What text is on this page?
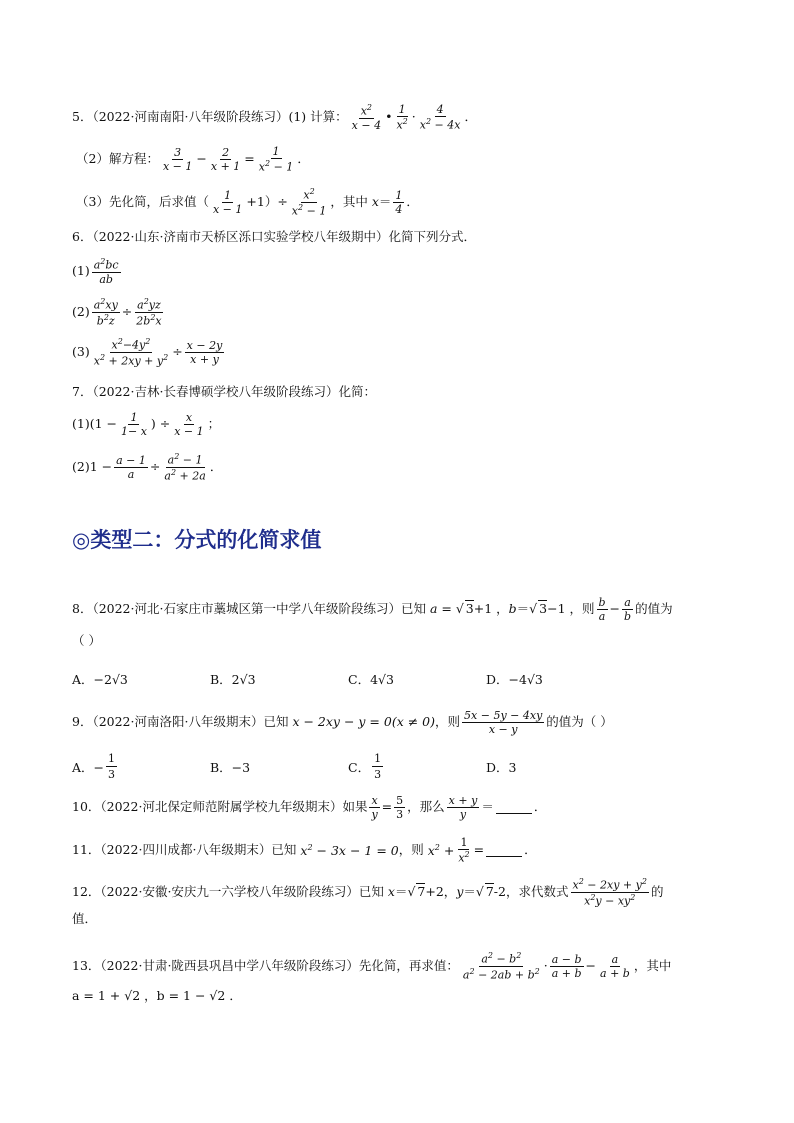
5．（2022·河南南阳·八年级阶段练习）(1) 计算： $\frac{x^2}{x - 4}$ • $\frac{1}{x^2} \cdot \frac{4}{x^2 - 4x}$ ．
（2）解方程： $\frac{3}{x - 1} - \frac{2}{x + 1} = \frac{1}{x^2 - 1}$ ．
（3）先化简，后求值（ $\frac{1}{x - 1} +1)\div \frac{x^2}{x^2 - 1}$ ，其中 $x = \frac{1}{4}$ ．
6．（2022·山东·济南市天桥区泺口实验学校八年级期中）化简下列分式．
$(1) \frac{a^2bc}{ab}$
$(2) \frac{a^2xy}{b^2z} \div \frac{a^2yz}{2b^2x}$
$(3) \frac{x^2-4y^2}{x^2 + 2xy + y^2} \div \frac{x - 2y}{x + y}$
7．（2022·吉林·长春博硕学校八年级阶段练习）化简：
$(1)(1 - \frac{1}{1- x}$ ) ÷ $\frac{x}{x - 1}$ ；
$(2)1 - \frac{a - 1}{a} \div \frac{a^2 - 1}{a^2 + 2a}$ ．
◎类型二：分式的化简求值
8．（2022·河北·石家庄市藁城区第一中学八年级阶段练习）已知 a = √ 3+1 ， b ＝√ 3−1 ，则 $\frac{b}{a} - \frac{a}{b}$ 的值为
（ ）
A．−2√3	B．2√3	C．4√3	D．−4√3
9．（2022·河南洛阳·八年级期末）已知 x − 2xy − y = 0(x ≠ 0) ，则 $\frac{5x - 5y - 4xy}{x - y}$ 的值为（ ）
A．− $\frac{1}{3}$	B．−3	C． $\frac{1}{3}$	D．3
10．（2022·河北保定师范附属学校九年级期末）如果 $\frac{x}{y} = \frac{5}{3}$ ，那么 $\frac{x + y}{y}$ ＝	．
11．（2022·四川成都·八年级期末）已知 $x^2 - 3x - 1 = 0$ ，则 $x^2 + \frac{1}{x^2}$ =	．
12．（2022·安徽·安庆九一六学校八年级阶段练习）已知 x ＝√ 7+2， y ＝√ 7-2， 求代数式 $\frac{x^2 - 2xy + y^2}{x^2y - xy^2}$ 的
值．
13．（2022·甘肃·陇西县巩昌中学八年级阶段练习）先化简，再求值： $\frac{a^2 - b^2}{a^2 - 2ab + b^2} \cdot \frac{a - b}{a + b} - \frac{a}{a + b}$ ，其中
a = 1 + √2 ，b = 1 − √2 ．
